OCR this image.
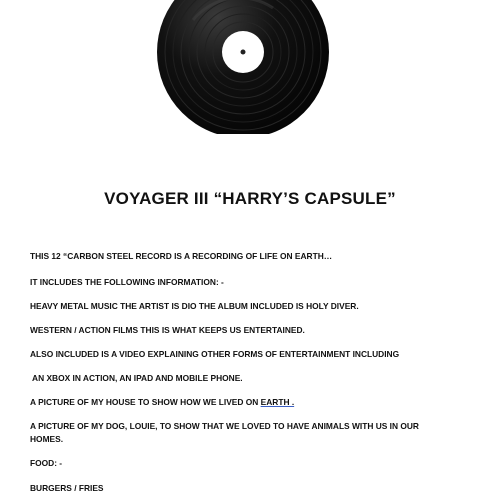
VOYAGER III “HARRY’S CAPSULE”
THIS 12 “CARBON STEEL RECORD IS A RECORDING OF LIFE ON EARTH…
IT INCLUDES THE FOLLOWING INFORMATION: -
HEAVY METAL MUSIC THE ARTIST IS DIO THE ALBUM INCLUDED IS HOLY DIVER.
WESTERN / ACTION FILMS THIS IS WHAT KEEPS US ENTERTAINED.
ALSO INCLUDED IS A VIDEO EXPLAINING OTHER FORMS OF ENTERTAINMENT INCLUDING
AN XBOX IN ACTION, AN IPAD AND MOBILE PHONE.
A PICTURE OF MY HOUSE TO SHOW HOW WE LIVED ON EARTH .
A PICTURE OF MY DOG, LOUIE, TO SHOW THAT WE LOVED TO HAVE ANIMALS WITH US IN OUR
HOMES.
FOOD: -
BURGERS / FRIES
